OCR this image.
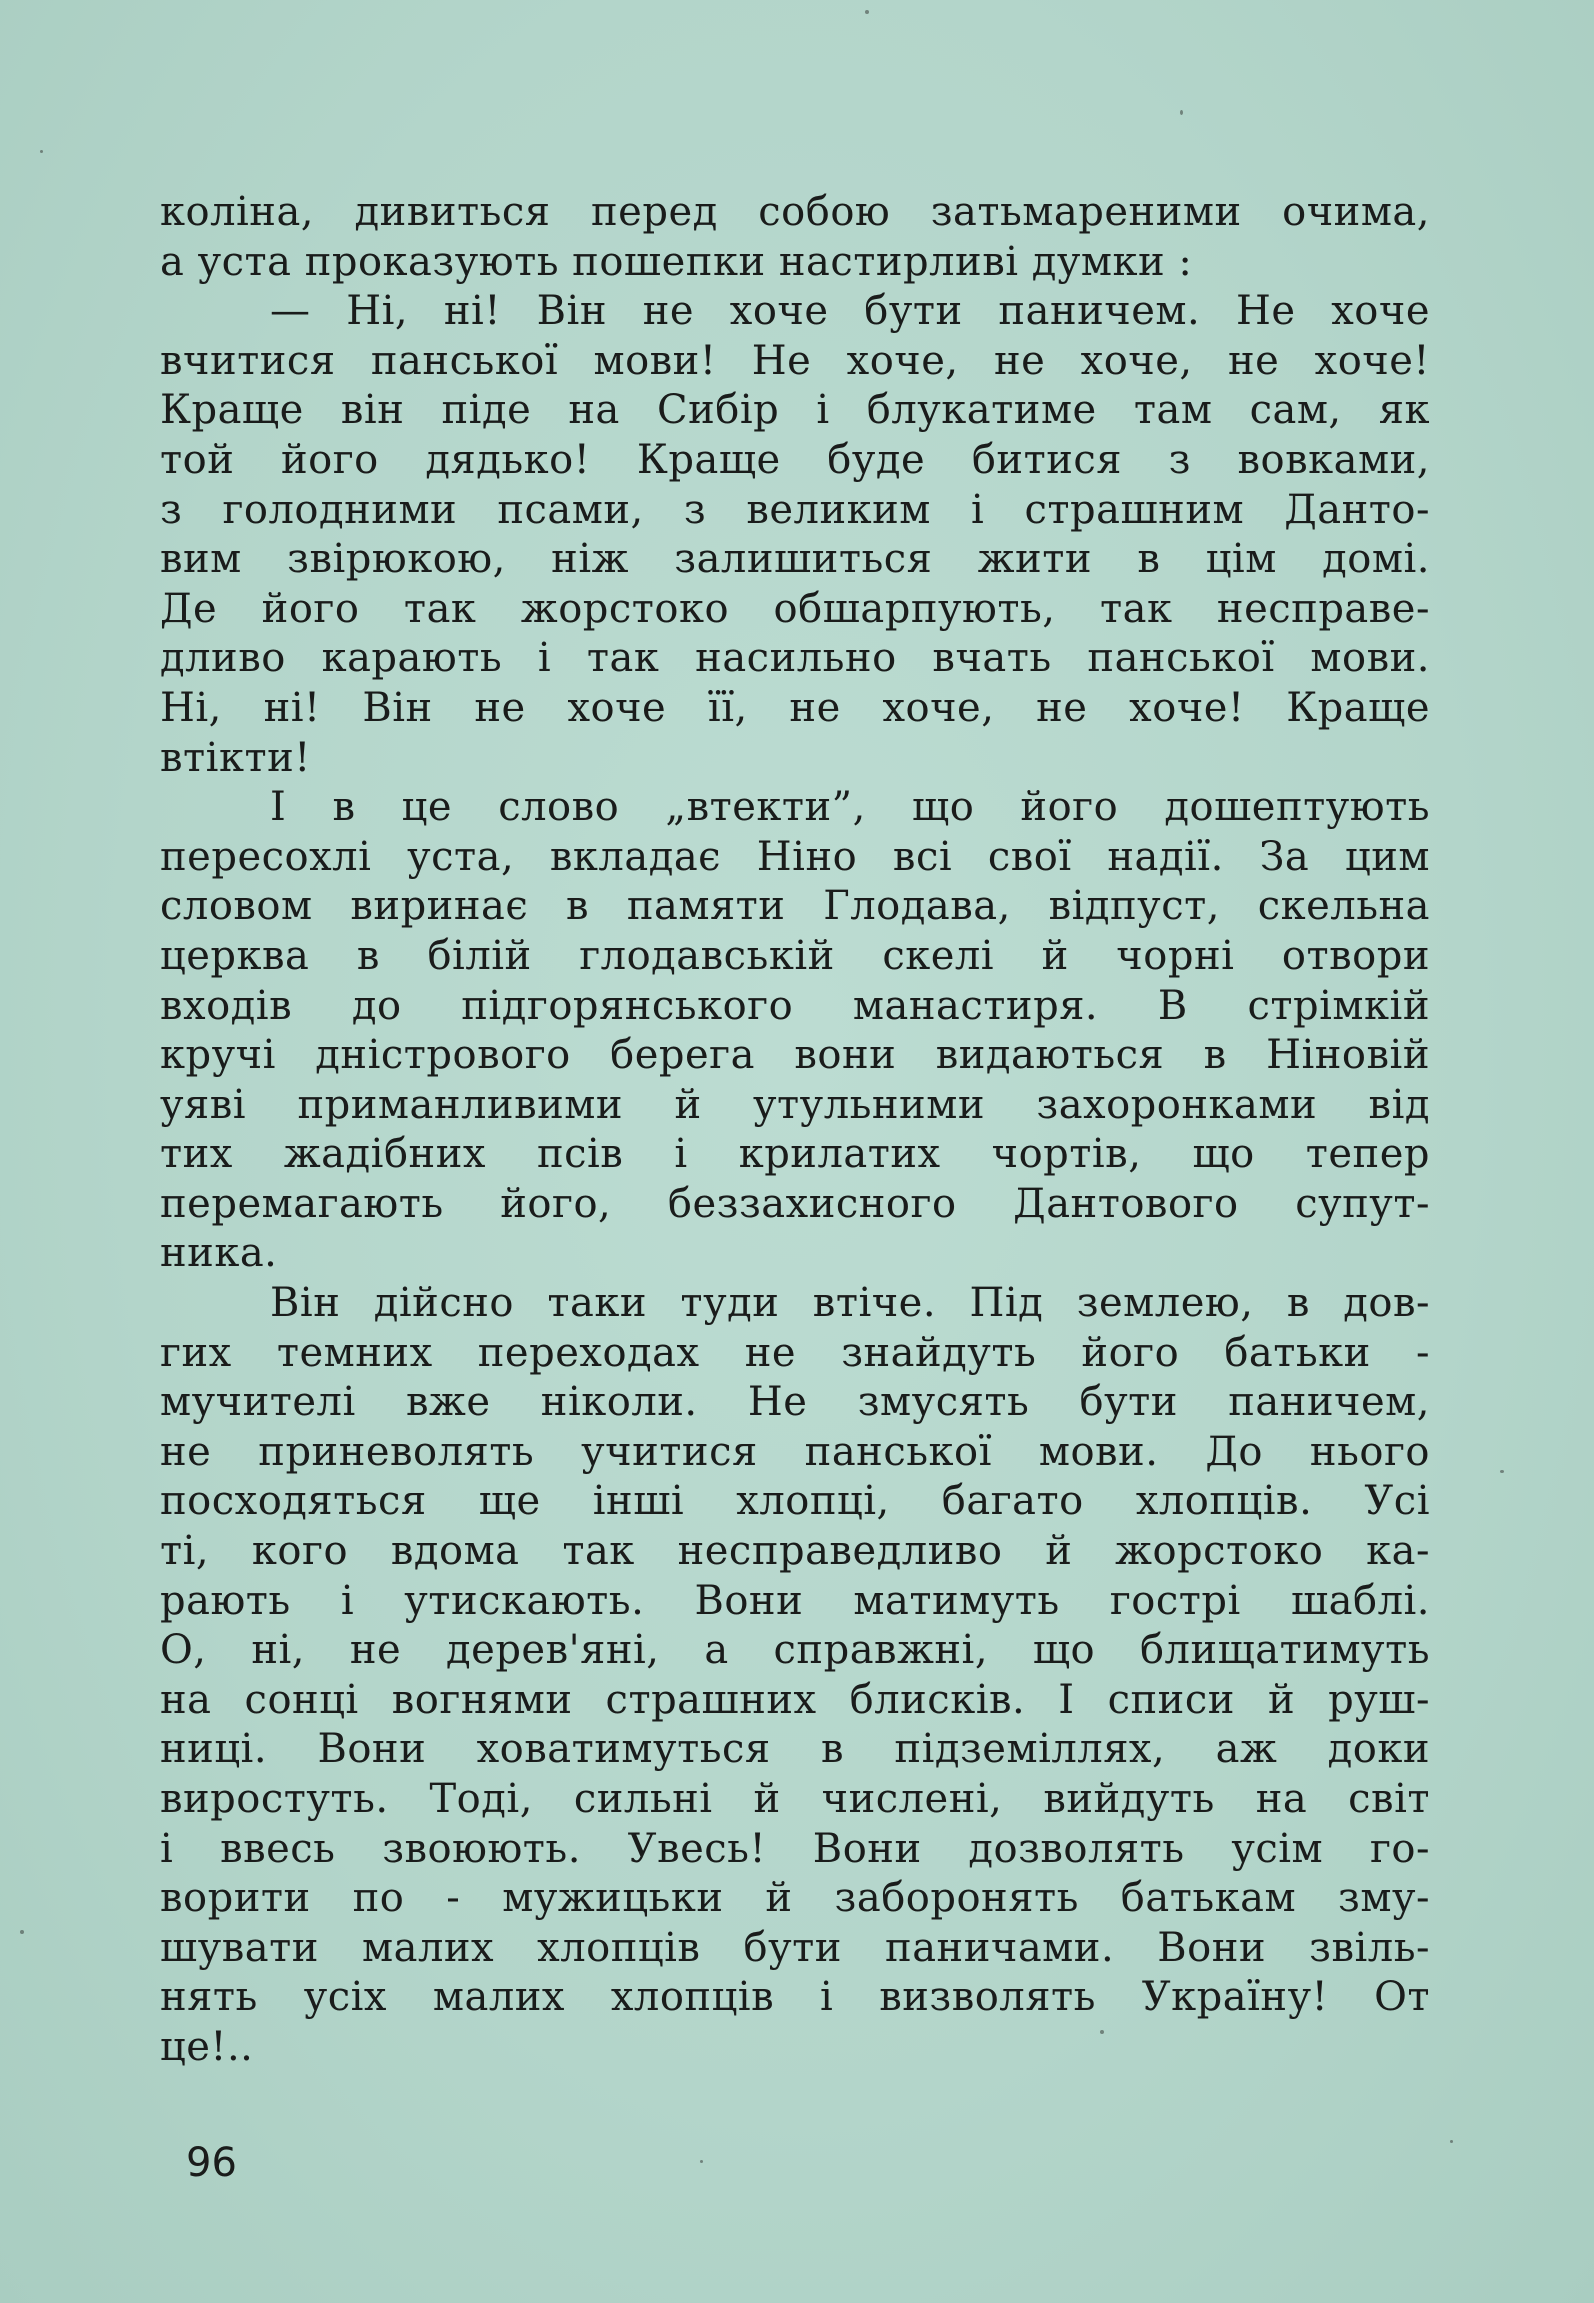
коліна, дивиться перед собою затьмареними очима,
а уста проказують пошепки настирливі думки :
— Ні, ні! Він не хоче бути паничем. Не хоче
вчитися панської мови! Не хоче, не хоче, не хоче!
Краще він піде на Сибір і блукатиме там сам, як
той його дядько! Краще буде битися з вовками,
з голодними псами, з великим і страшним Данто-
вим звірюкою, ніж залишиться жити в цім домі.
Де його так жорстоко обшарпують, так несправе-
дливо карають і так насильно вчать панської мови.
Ні, ні! Він не хоче її, не хоче, не хоче! Краще
втікти!
І в це слово „втекти”, що його дошептують
пересохлі уста, вкладає Ніно всі свої надії. За цим
словом виринає в памяти Глодава, відпуст, скельна
церква в білій глодавській скелі й чорні отвори
входів до підгорянського манастиря. В стрімкій
кручі дністрового берега вони видаються в Ніновій
уяві приманливими й утульними захоронками від
тих жадібних псів і крилатих чортів, що тепер
перемагають його, беззахисного Дантового супут-
ника.
Він дійсно таки туди втіче. Під землею, в дов-
гих темних переходах не знайдуть його батьки -
мучителі вже ніколи. Не змусять бути паничем,
не приневолять учитися панської мови. До нього
посходяться ще інші хлопці, багато хлопців. Усі
ті, кого вдома так несправедливо й жорстоко ка-
рають і утискають. Вони матимуть гострі шаблі.
О, ні, не дерев'яні, а справжні, що блищатимуть
на сонці вогнями страшних блисків. І списи й руш-
ниці. Вони ховатимуться в підземіллях, аж доки
виростуть. Тоді, сильні й числені, вийдуть на світ
і ввесь звоюють. Увесь! Вони дозволять усім го-
ворити по - мужицьки й заборонять батькам зму-
шувати малих хлопців бути паничами. Вони звіль-
нять усіх малих хлопців і визволять Україну! От
це!..
96
